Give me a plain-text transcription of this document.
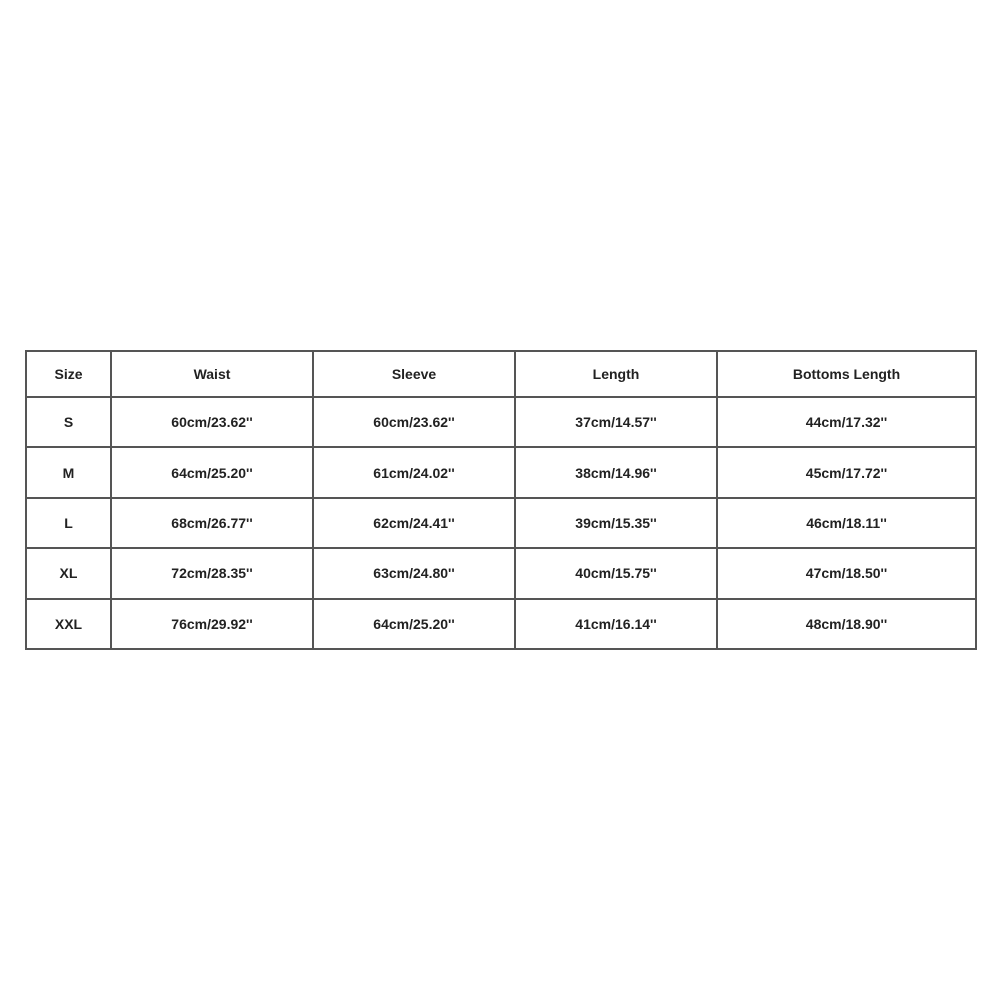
Size	Waist	Sleeve	Length	Bottoms Length
S	60cm/23.62''	60cm/23.62''	37cm/14.57''	44cm/17.32''
M	64cm/25.20''	61cm/24.02''	38cm/14.96''	45cm/17.72''
L	68cm/26.77''	62cm/24.41''	39cm/15.35''	46cm/18.11''
XL	72cm/28.35''	63cm/24.80''	40cm/15.75''	47cm/18.50''
XXL	76cm/29.92''	64cm/25.20''	41cm/16.14''	48cm/18.90''
